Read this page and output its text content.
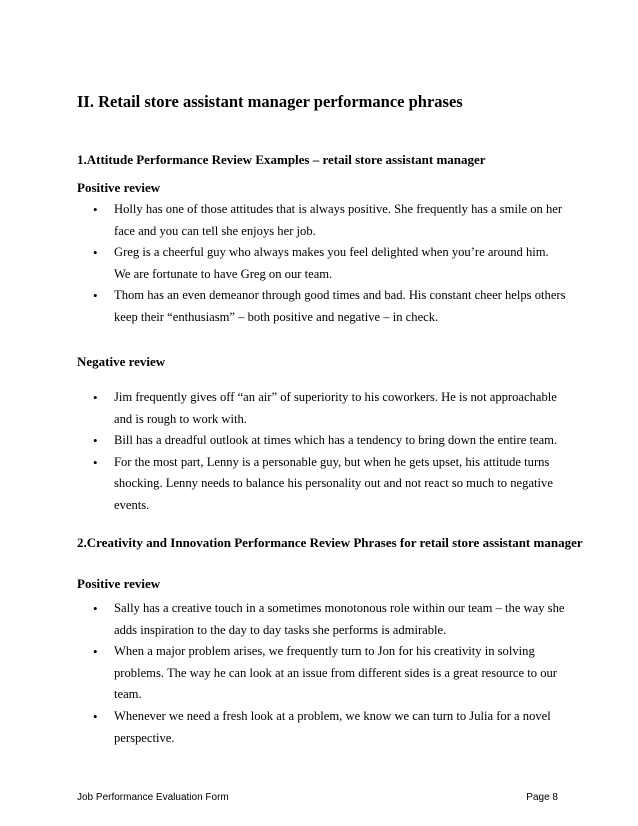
II. Retail store assistant manager performance phrases
1.Attitude Performance Review Examples – retail store assistant manager
Positive review
• Holly has one of those attitudes that is always positive. She frequently has a smile on her face and you can tell she enjoys her job.
• Greg is a cheerful guy who always makes you feel delighted when you’re around him. We are fortunate to have Greg on our team.
• Thom has an even demeanor through good times and bad. His constant cheer helps others keep their “enthusiasm” – both positive and negative – in check.
Negative review
• Jim frequently gives off “an air” of superiority to his coworkers. He is not approachable and is rough to work with.
• Bill has a dreadful outlook at times which has a tendency to bring down the entire team.
• For the most part, Lenny is a personable guy, but when he gets upset, his attitude turns shocking. Lenny needs to balance his personality out and not react so much to negative events.
2.Creativity and Innovation Performance Review Phrases for retail store assistant manager
Positive review
• Sally has a creative touch in a sometimes monotonous role within our team – the way she adds inspiration to the day to day tasks she performs is admirable.
• When a major problem arises, we frequently turn to Jon for his creativity in solving problems. The way he can look at an issue from different sides is a great resource to our team.
• Whenever we need a fresh look at a problem, we know we can turn to Julia for a novel perspective.
Job Performance Evaluation Form	Page 8
